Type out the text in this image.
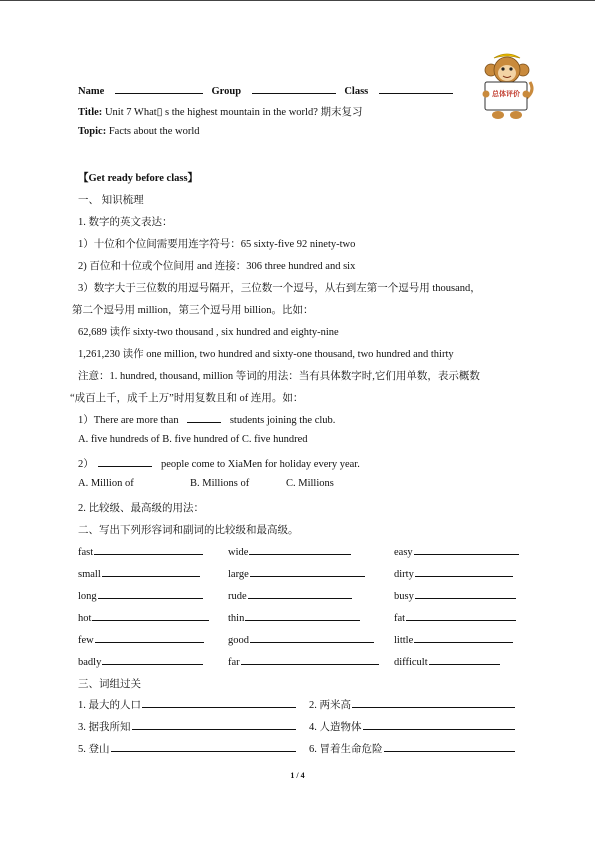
Name	Group	Class
Title: Unit 7 What▯ s the highest mountain in the world? 期末复习
Topic: Facts about the world
总体评价
【Get ready before class】
一、 知识梳理
1. 数字的英文表达：
1）十位和个位间需要用连字符号：65 sixty-five 92 ninety-two
2) 百位和十位或个位间用 and 连接：306 three hundred and six
3）数字大于三位数的用逗号隔开，三位数一个逗号，从右到左第一个逗号用 thousand，
第二个逗号用 million，第三个逗号用 billion。比如：
62,689 读作 sixty-two thousand , six hundred and eighty-nine
1,261,230 读作 one million, two hundred and sixty-one thousand, two hundred and thirty
注意：1. hundred, thousand, million 等词的用法：当有具体数字时,它们用单数，表示概数
“成百上千，成千上万”时用复数且和 of 连用。如：
1）There are more than	students joining the club.
A. five hundreds of B. five hundred of C. five hundred
2）	people come to XiaMen for holiday every year.
A. Million of	B. Millions of	C. Millions
2. 比较级、最高级的用法：
二、写出下列形容词和副词的比较级和最高级。
fast	wide	easy
small	large	dirty
long	rude	busy
hot	thin	fat
few	good	little
badly	far	difficult
三、词组过关
1. 最大的人口	2. 两米高
3. 据我所知	4. 人造物体
5. 登山	6. 冒着生命危险
1 / 4
